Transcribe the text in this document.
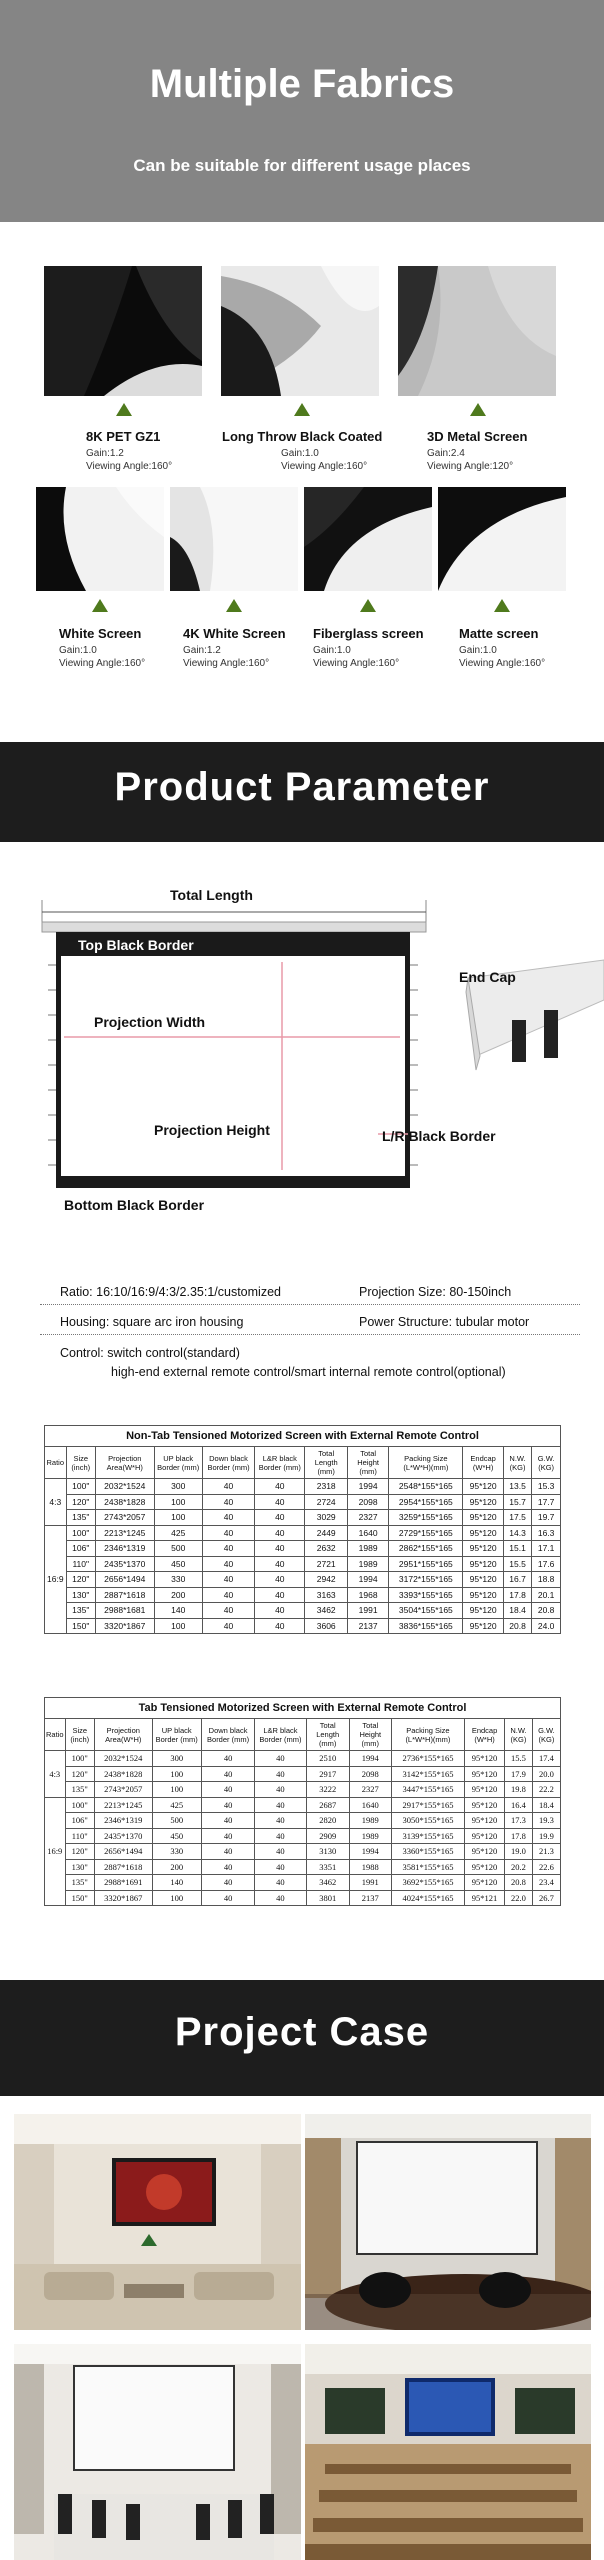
Multiple Fabrics
Can be suitable for different usage places
8K PET GZ1
Gain:1.2
Viewing Angle:160°
Long Throw Black Coated
Gain:1.0
Viewing Angle:160°
3D Metal Screen
Gain:2.4
Viewing Angle:120°
White Screen
Gain:1.0
Viewing Angle:160°
4K White Screen
Gain:1.2
Viewing Angle:160°
Fiberglass screen
Gain:1.0
Viewing Angle:160°
Matte screen
Gain:1.0
Viewing Angle:160°
Product Parameter
Total Length
Top Black Border
Projection Width
Projection Height	L/R Black Border
Bottom Black Border
End Cap
Ratio: 16:10/16:9/4:3/2.35:1/customized	Projection Size: 80-150inch
Housing: square arc iron housing	Power Structure: tubular motor
Control: switch control(standard)
high-end external remote control/smart internal remote control(optional)
Non-Tab Tensioned Motorized Screen with External Remote Control
Ratio	Size (inch)	Projection Area(W*H)	UP black Border (mm)	Down black Border (mm)	L&R black Border (mm)	Total Length (mm)	Total Height (mm)	Packing Size (L*W*H)(mm)	Endcap (W*H)	N.W. (KG)	G.W. (KG)
4:3	100"	2032*1524	300	40	40	2318	1994	2548*155*165	95*120	13.5	15.3
	120"	2438*1828	100	40	40	2724	2098	2954*155*165	95*120	15.7	17.7
	135"	2743*2057	100	40	40	3029	2327	3259*155*165	95*120	17.5	19.7
16:9	100"	2213*1245	425	40	40	2449	1640	2729*155*165	95*120	14.3	16.3
	106"	2346*1319	500	40	40	2632	1989	2862*155*165	95*120	15.1	17.1
	110"	2435*1370	450	40	40	2721	1989	2951*155*165	95*120	15.5	17.6
	120"	2656*1494	330	40	40	2942	1994	3172*155*165	95*120	16.7	18.8
	130"	2887*1618	200	40	40	3163	1968	3393*155*165	95*120	17.8	20.1
	135"	2988*1681	140	40	40	3462	1991	3504*155*165	95*120	18.4	20.8
	150"	3320*1867	100	40	40	3606	2137	3836*155*165	95*120	20.8	24.0
Tab Tensioned Motorized Screen with External Remote Control
Ratio	Size (inch)	Projection Area(W*H)	UP black Border (mm)	Down black Border (mm)	L&R black Border (mm)	Total Length (mm)	Total Height (mm)	Packing Size (L*W*H)(mm)	Endcap (W*H)	N.W. (KG)	G.W. (KG)
4:3	100"	2032*1524	300	40	40	2510	1994	2736*155*165	95*120	15.5	17.4
	120"	2438*1828	100	40	40	2917	2098	3142*155*165	95*120	17.9	20.0
	135"	2743*2057	100	40	40	3222	2327	3447*155*165	95*120	19.8	22.2
16:9	100"	2213*1245	425	40	40	2687	1640	2917*155*165	95*120	16.4	18.4
	106"	2346*1319	500	40	40	2820	1989	3050*155*165	95*120	17.3	19.3
	110"	2435*1370	450	40	40	2909	1989	3139*155*165	95*120	17.8	19.9
	120"	2656*1494	330	40	40	3130	1994	3360*155*165	95*120	19.0	21.3
	130"	2887*1618	200	40	40	3351	1988	3581*155*165	95*120	20.2	22.6
	135"	2988*1691	140	40	40	3462	1991	3692*155*165	95*120	20.8	23.4
	150"	3320*1867	100	40	40	3801	2137	4024*155*165	95*121	22.0	26.7
Project Case
